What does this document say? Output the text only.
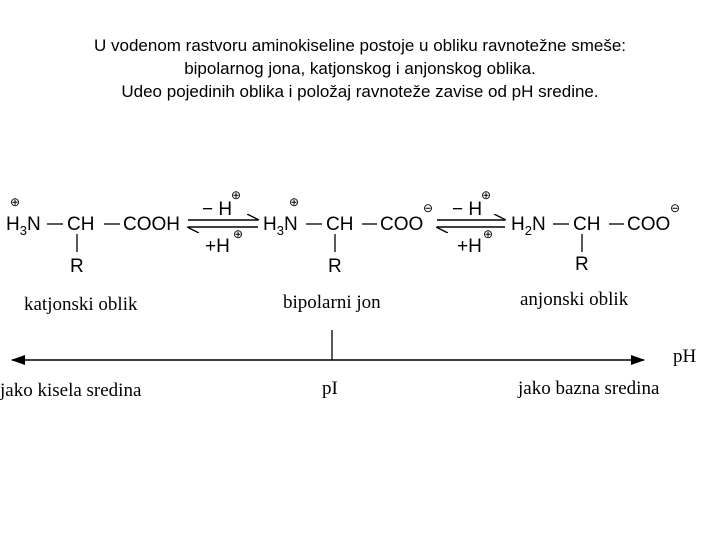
U vodenom rastvoru aminokiseline postoje u obliku ravnotežne smeše:
bipolarnog jona, katjonskog i anjonskog oblika.
Udeo pojedinih oblika i položaj ravnoteže zavise od pH sredine.
⊕
$H_3N$ CH COOH
R
katjonski oblik
− H
⊕
+H
⊕
⊕
$H_3N$ CH COO
⊖
R
bipolarni jon
− H
⊕
+H
⊕ $H_2N$ CH COO
⊖
R
anjonski oblik
pH
jako kisela sredina	pI	jako bazna sredina
